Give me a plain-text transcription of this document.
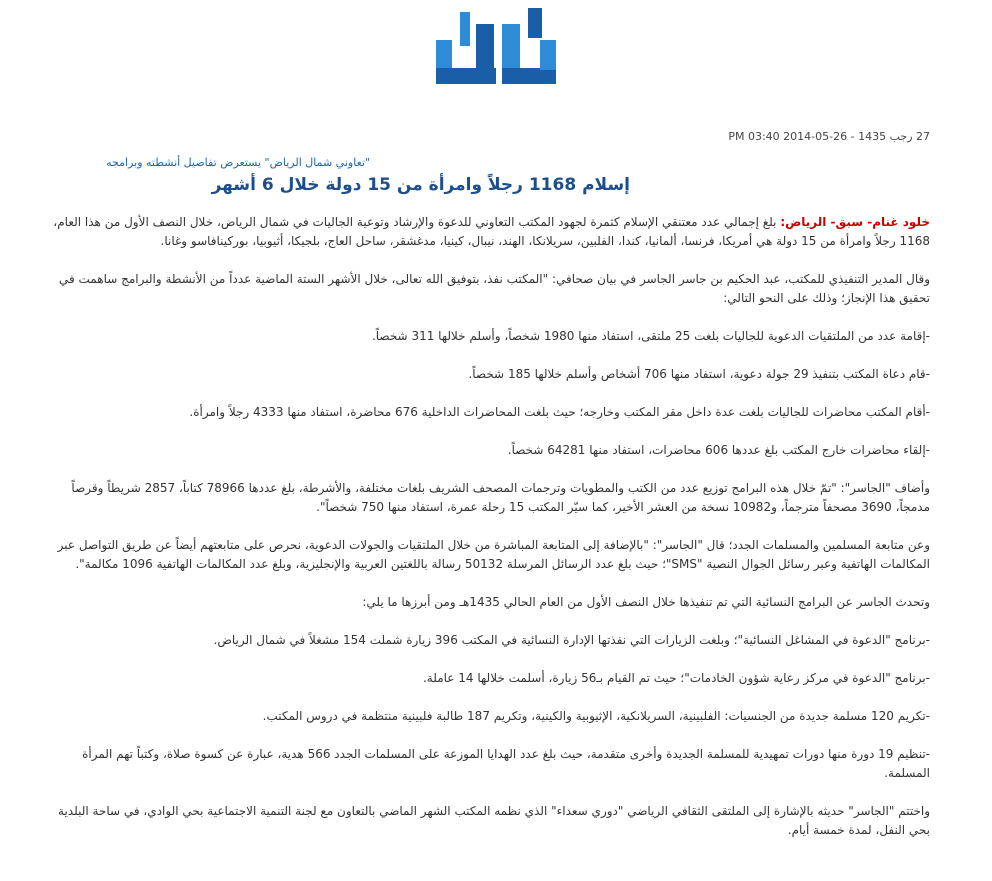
27 رجب 1435 - 26-05-2014 03:40 PM
"تعاوني شمال الرياض" يستعرض تفاصيل أنشطته وبرامجه
إسلام 1168 رجلاً وامرأة من 15 دولة خلال 6 أشهر

خلود غنام- سبق- الرياض: بلغ إجمالي عدد معتنقي الإسلام كثمرة لجهود المكتب التعاوني للدعوة والإرشاد وتوعية الجاليات في شمال الرياض، خلال النصف الأول من هذا العام، 1168 رجلاً وامرأة من 15 دولة هي أمريكا، فرنسا، ألمانيا، كندا، الفلبين، سريلانكا، الهند، نيبال، كينيا، مدغشقر، ساحل العاج، بلجيكا، أثيوبيا، بوركينافاسو وغانا.

وقال المدير التنفيذي للمكتب، عبد الحكيم بن جاسر الجاسر في بيان صحافي: "المكتب نفذ، بتوفيق الله تعالى، خلال الأشهر الستة الماضية عدداً من الأنشطة والبرامج ساهمت في تحقيق هذا الإنجاز؛ وذلك على النحو التالي:

-إقامة عدد من الملتقيات الدعوية للجاليات بلغت 25 ملتقى، استفاد منها 1980 شخصاً، وأسلم خلالها 311 شخصاً.

-قام دعاة المكتب بتنفيذ 29 جولة دعوية، استفاد منها 706 أشخاص وأسلم خلالها 185 شخصاً.

-أقام المكتب محاضرات للجاليات بلغت عدة داخل مقر المكتب وخارجه؛ حيث بلغت المحاضرات الداخلية 676 محاضرة، استفاد منها 4333 رجلاً وامرأة.

-إلقاء محاضرات خارج المكتب بلغ عددها 606 محاضرات، استفاد منها 64281 شخصاً.

وأضاف "الجاسر": "تمّ خلال هذه البرامج توزيع عدد من الكتب والمطويات وترجمات المصحف الشريف بلغات مختلفة، والأشرطة، بلغ عددها 78966 كتاباً، 2857 شريطاً وقرصاً مدمجاً، 3690 مصحفاً مترجماً، و10982 نسخة من العشر الأخير، كما سيّر المكتب 15 رحلة عمرة، استفاد منها 750 شخصاً".

وعن متابعة المسلمين والمسلمات الجدد؛ قال "الجاسر": "بالإضافة إلى المتابعة المباشرة من خلال الملتقيات والجولات الدعوية، نحرص على متابعتهم أيضاً عن طريق التواصل عبر المكالمات الهاتفية وعبر رسائل الجوال النصية "SMS"؛ حيث بلغ عدد الرسائل المرسلة 50132 رسالة باللغتين العربية والإنجليزية، وبلغ عدد المكالمات الهاتفية 1096 مكالمة".

وتحدث الجاسر عن البرامج النسائية التي تم تنفيذها خلال النصف الأول من العام الحالي 1435هـ ومن أبرزها ما يلي:

-برنامج "الدعوة في المشاغل النسائية"؛ وبلغت الزيارات التي نفذتها الإدارة النسائية في المكتب 396 زيارة شملت 154 مشغلاً في شمال الرياض.

-برنامج "الدعوة في مركز رعاية شؤون الخادمات"؛ حيث تم القيام بـ56 زيارة، أسلمت خلالها 14 عاملة.

-تكريم 120 مسلمة جديدة من الجنسيات: الفلبينية، السريلانكية، الإثيوبية والكينية، وتكريم 187 طالبة فلبينية منتظمة في دروس المكتب.

-تنظيم 19 دورة منها دورات تمهيدية للمسلمة الجديدة وأخرى متقدمة، حيث بلغ عدد الهدايا الموزعة على المسلمات الجدد 566 هدية، عبارة عن كسوة صلاة، وكتباً تهم المرأة المسلمة.

واختتم "الجاسر" حديثه بالإشارة إلى الملتقى الثقافي الرياضي "دوري سعداء" الذي نظمه المكتب الشهر الماضي بالتعاون مع لجنة التنمية الاجتماعية بحي الوادي، في ساحة البلدية بحي النفل، لمدة خمسة أيام.
